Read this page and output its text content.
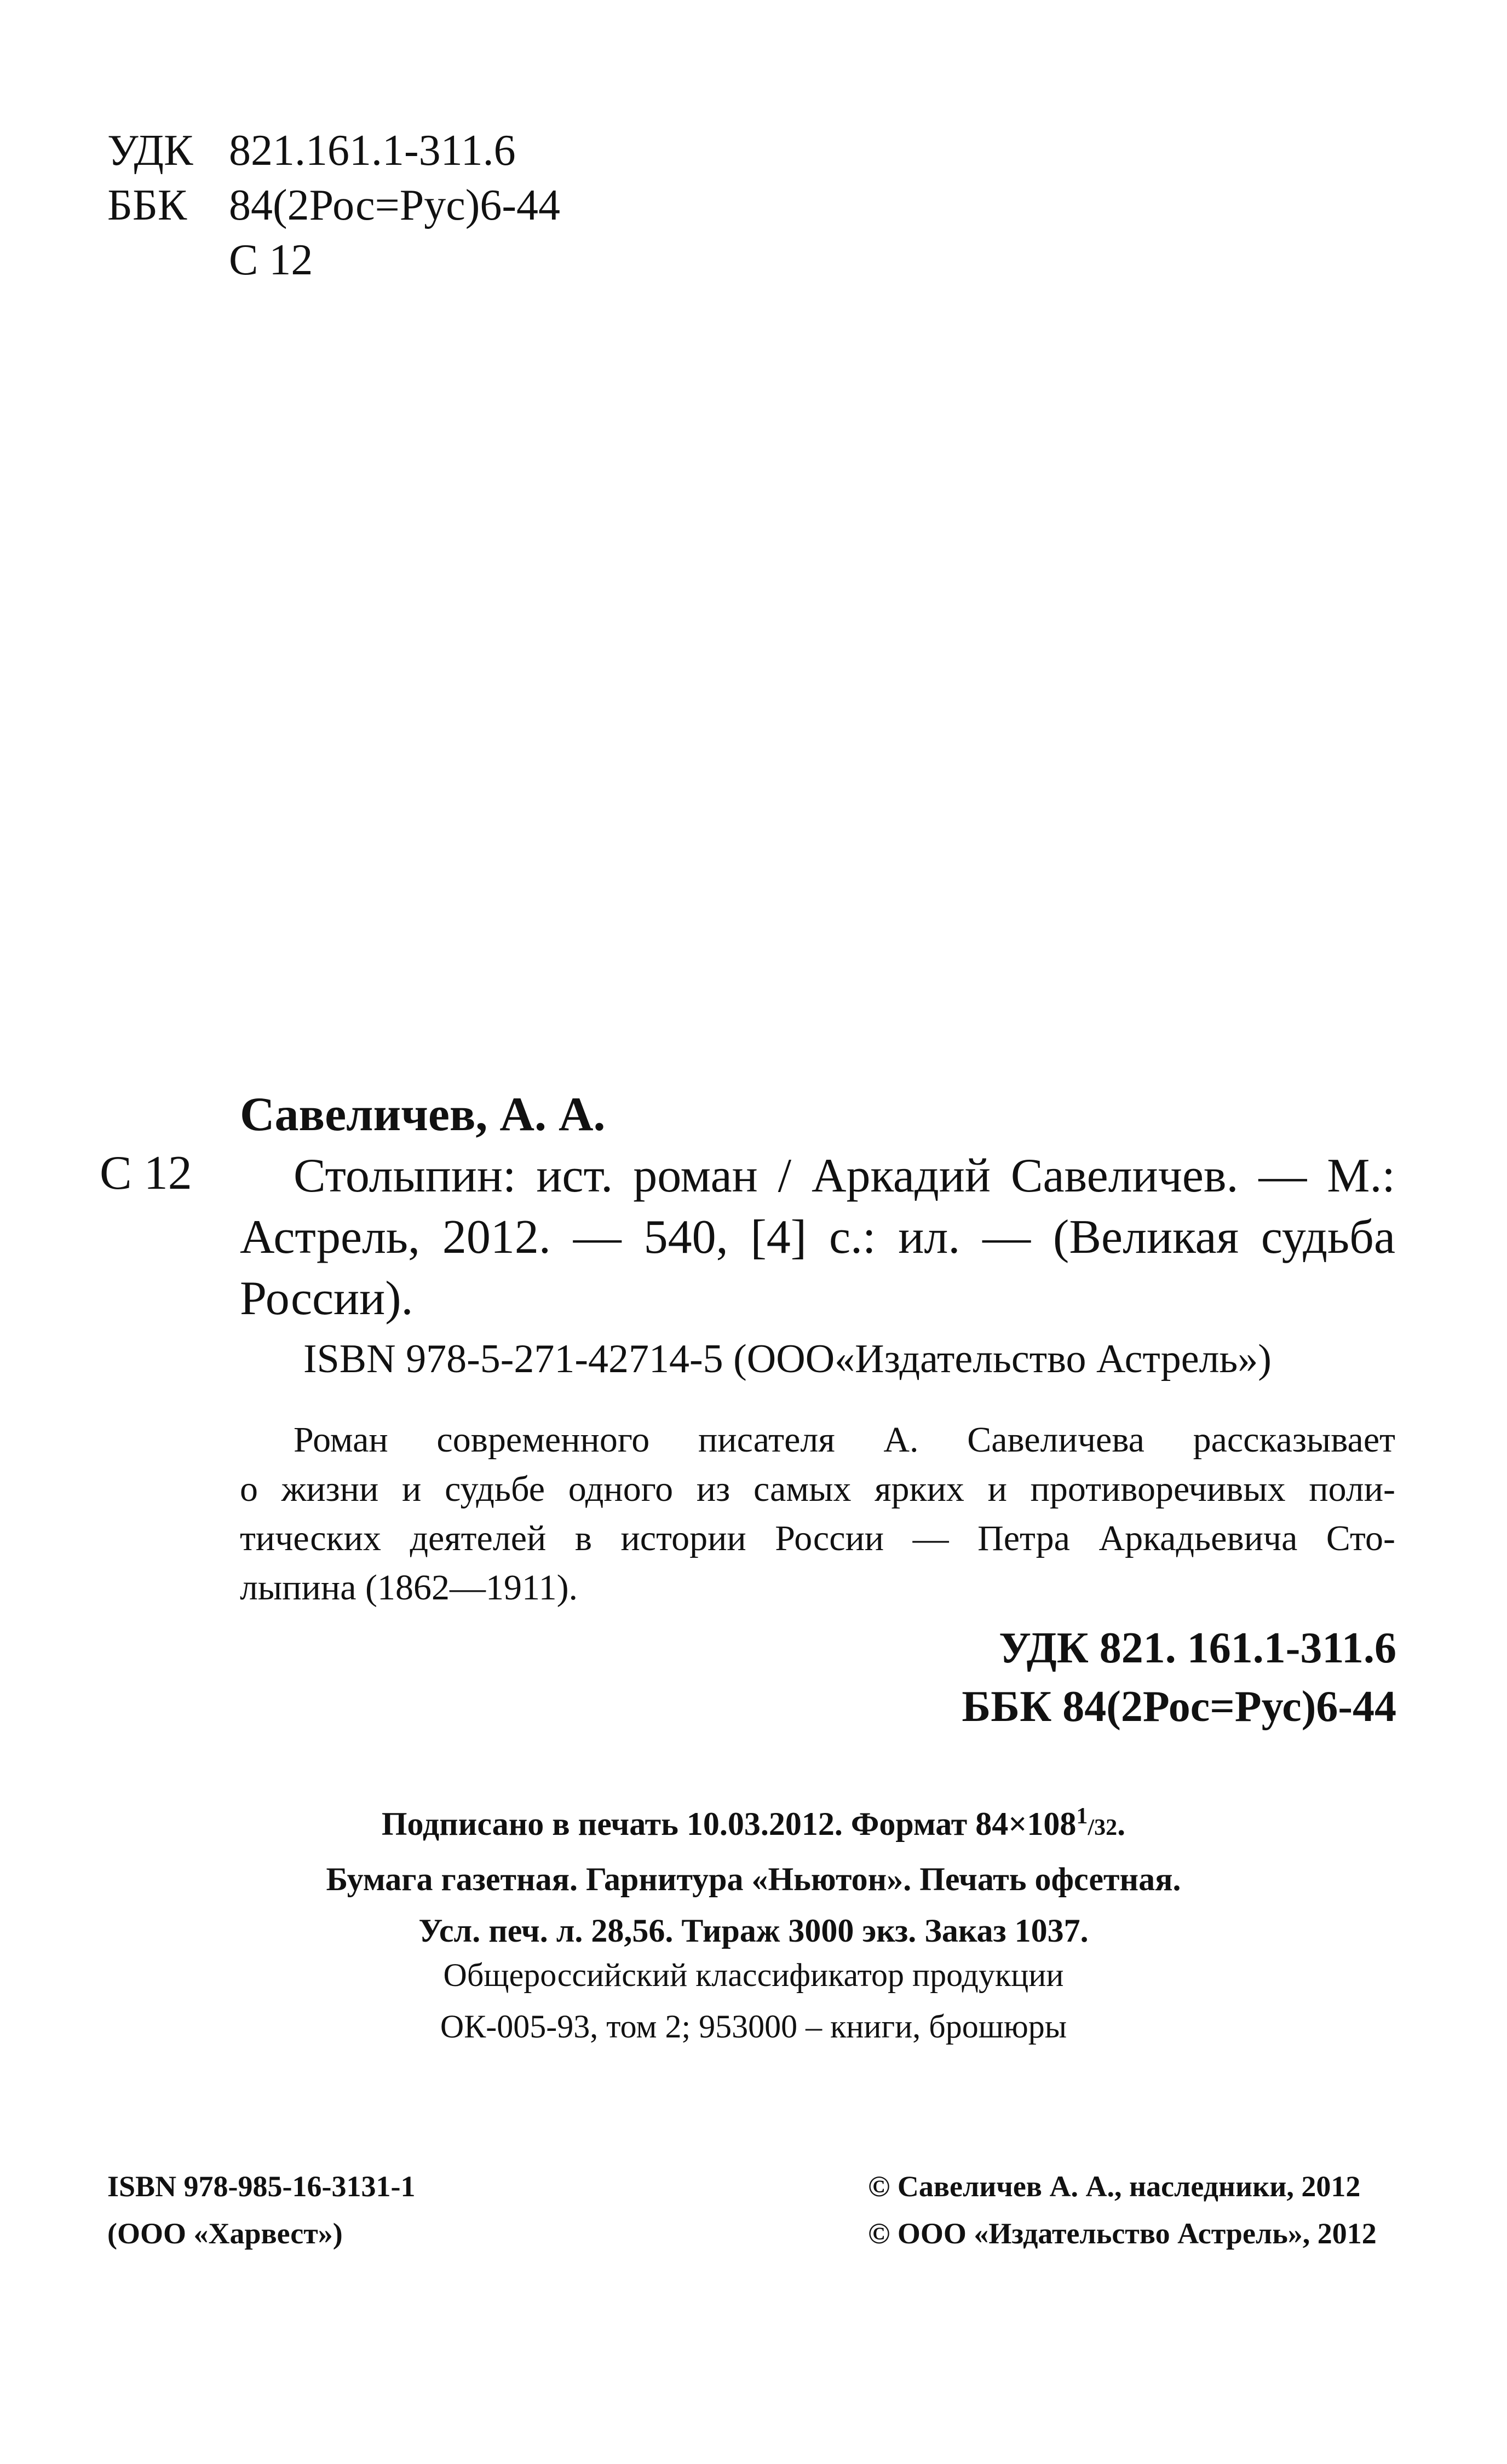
УДК 821.161.1-311.6
ББК 84(2Рос=Рус)6-44
С 12
Савеличев, А. А.
С 12 Столыпин: ист. роман / Аркадий Савеличев. — М.:
Астрель, 2012. — 540, [4] с.: ил. — (Великая судьба
России).
ISBN 978-5-271-42714-5 (ООО«Издательство Астрель»)
Роман современного писателя А. Савеличева рассказывает
о жизни и судьбе одного из самых ярких и противоречивых поли-
тических деятелей в истории России — Петра Аркадьевича Сто-
лыпина (1862—1911).
УДК 821. 161.1-311.6
ББК 84(2Рос=Рус)6-44
Подписано в печать 10.03.2012. Формат $84\times 108^1/32$.
Бумага газетная. Гарнитура «Ньютон». Печать офсетная.
Усл. печ. л. 28,56. Тираж 3000 экз. Заказ 1037.
Общероссийский классификатор продукции
ОК-005-93, том 2; 953000 – книги, брошюры
ISBN 978-985-16-3131-1
(ООО «Харвест»)
© Савеличев А. А., наследники, 2012
© ООО «Издательство Астрель», 2012
